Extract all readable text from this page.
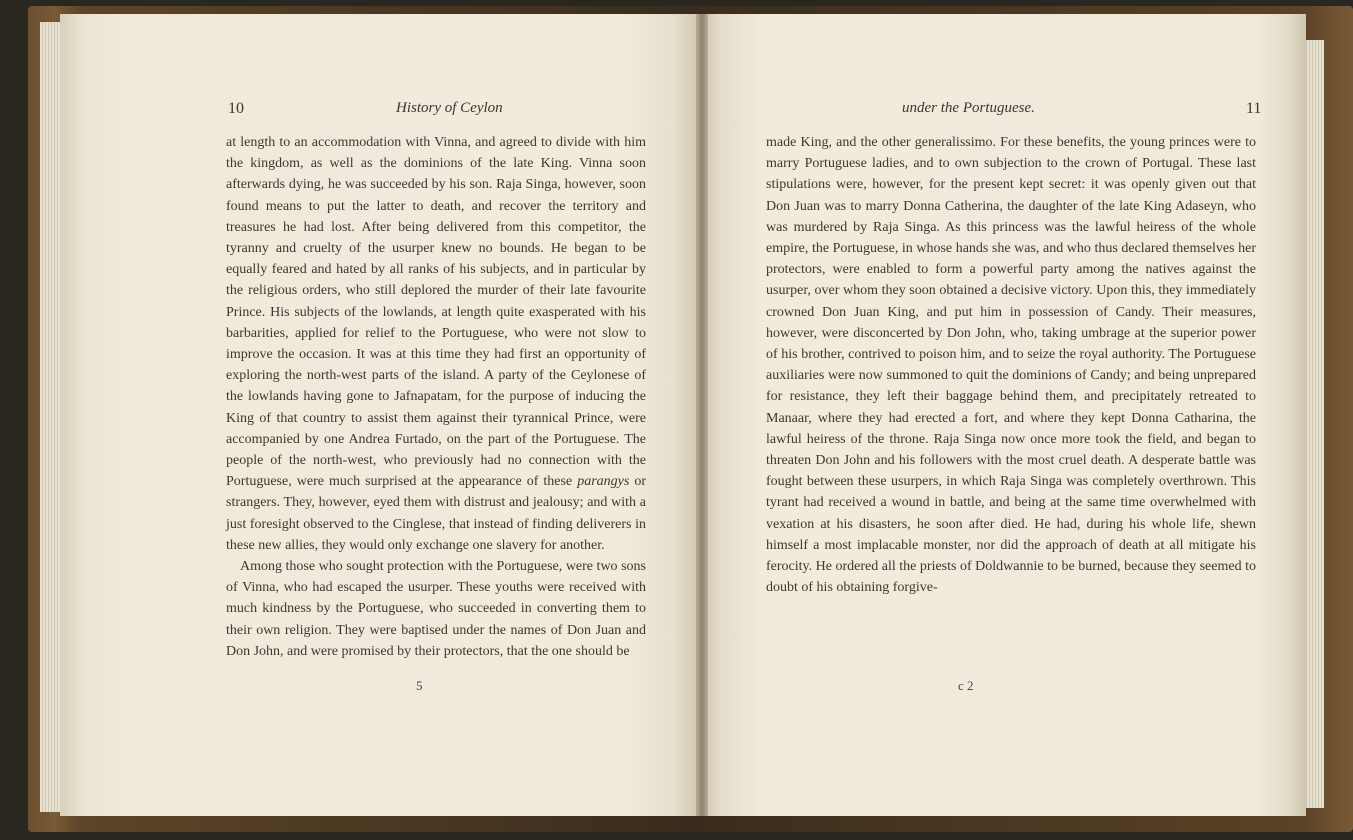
10	History of Ceylon

at length to an accommodation with Vinna, and agreed to divide with him the kingdom, as well as the dominions of the late King. Vinna soon afterwards dying, he was succeeded by his son. Raja Singa, however, soon found means to put the latter to death, and recover the territory and treasures he had lost. After being delivered from this competitor, the tyranny and cruelty of the usurper knew no bounds. He began to be equally feared and hated by all ranks of his subjects, and in particular by the religious orders, who still deplored the murder of their late favourite Prince. His subjects of the lowlands, at length quite exasperated with his barbarities, applied for relief to the Portuguese, who were not slow to improve the occasion. It was at this time they had first an opportunity of exploring the north-west parts of the island. A party of the Ceylonese of the lowlands having gone to Jafnapatam, for the purpose of inducing the King of that country to assist them against their tyrannical Prince, were accompanied by one Andrea Furtado, on the part of the Portuguese. The people of the north-west, who previously had no connection with the Portuguese, were much surprised at the appearance of these parangys or strangers. They, however, eyed them with distrust and jealousy; and with a just foresight observed to the Cinglese, that instead of finding deliverers in these new allies, they would only exchange one slavery for another.

Among those who sought protection with the Portuguese, were two sons of Vinna, who had escaped the usurper. These youths were received with much kindness by the Portuguese, who succeeded in converting them to their own religion. They were baptised under the names of Don Juan and Don John, and were promised by their protectors, that the one should be

5
under the Portuguese.	11

made King, and the other generalissimo. For these benefits, the young princes were to marry Portuguese ladies, and to own subjection to the crown of Portugal. These last stipulations were, however, for the present kept secret: it was openly given out that Don Juan was to marry Donna Catherina, the daughter of the late King Adaseyn, who was murdered by Raja Singa. As this princess was the lawful heiress of the whole empire, the Portuguese, in whose hands she was, and who thus declared themselves her protectors, were enabled to form a powerful party among the natives against the usurper, over whom they soon obtained a decisive victory. Upon this, they immediately crowned Don Juan King, and put him in possession of Candy. Their measures, however, were disconcerted by Don John, who, taking umbrage at the superior power of his brother, contrived to poison him, and to seize the royal authority. The Portuguese auxiliaries were now summoned to quit the dominions of Candy; and being unprepared for resistance, they left their baggage behind them, and precipitately retreated to Manaar, where they had erected a fort, and where they kept Donna Catharina, the lawful heiress of the throne. Raja Singa now once more took the field, and began to threaten Don John and his followers with the most cruel death. A desperate battle was fought between these usurpers, in which Raja Singa was completely overthrown. This tyrant had received a wound in battle, and being at the same time overwhelmed with vexation at his disasters, he soon after died. He had, during his whole life, shewn himself a most implacable monster, nor did the approach of death at all mitigate his ferocity. He ordered all the priests of Doldwannie to be burned, because they seemed to doubt of his obtaining forgive-

c 2
